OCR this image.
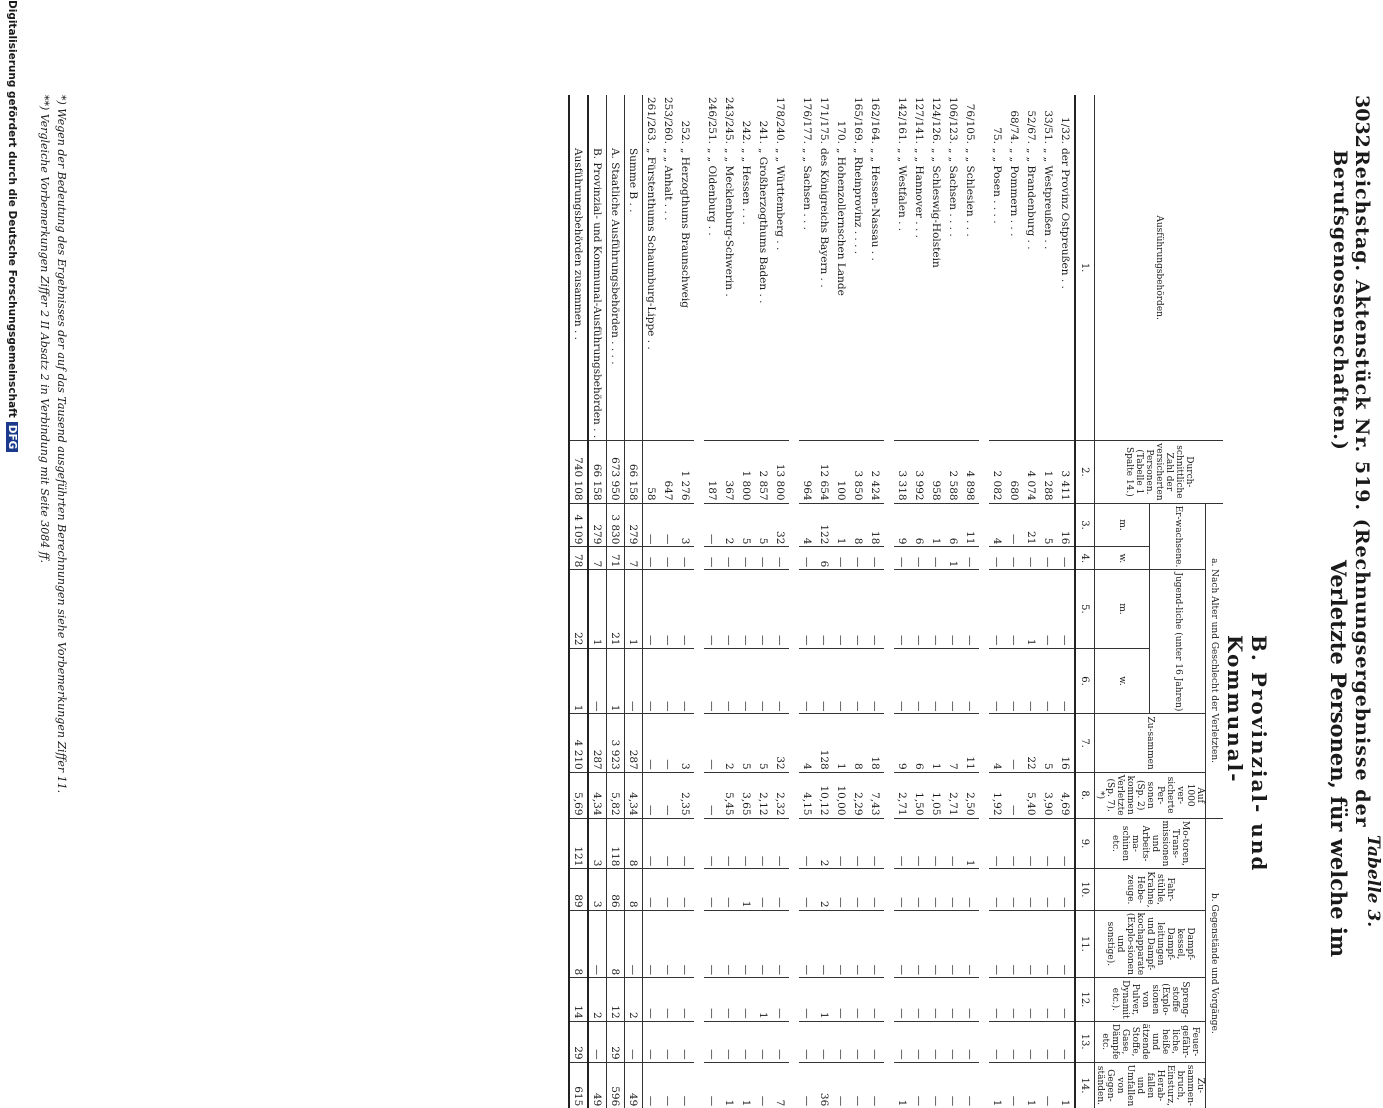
3032
Reichstag. Aktenstück Nr. 519. (Rechnungsergebnisse der Berufsgenossenschaften.)
Tabelle 3.
Verletzte Personen, für welche im
B. Provinzial- und Kommunal-
Ausführungsbehörden.		Durch-schnittliche Zahl der versicherten Personen. (Tabelle 1 Spalte 14.)	a. Nach Alter und Geschlecht der Verletzten.						b. Gegenstände und Vorgänge.					
			Er-wachsene.		Jugend-liche (unter 16 Jahren)		Zu-sammen	Auf 1000 ver-sicherte Per-sonen (Sp. 2) kommen Verletzte (Sp. 7). *)	Mo-toren, Trans-missionen und Arbeits-ma-schinen etc.	Fahr-stühle, Krahne, Hebe-zeuge.	Dampf-kessel, Dampf-leitungen und Dampf-kochapparate (Explo-sionen und sonstige).	Spreng-stoffe (Explo-sionen von Pulver, Dynamit etc.).	Feuer-gefähr-liche, heiße und ätzende Stoffe, Gase, Dämpfe etc.	Zu-sammen-bruch, Einsturz, Herab-fallen und Umfallen von Gegen-ständen.
			m.	w.	m.	w.								
1.		2.	3.	4.	5.	6.	7.	8.	9.	10.	11.	12.	13.	14.
1/32.	der Provinz Ostpreußen . .	3 411	16	—	—	—	16	4,69	—	—	—	—	—	1
33/51.	„ „ Westpreußen . .	1 288	5	—	—	—	5	3,90	—	—	—	—	—	—
52/67.	„ „ Brandenburg . .	4 074	21	—	1	—	22	5,40	—	—	—	—	—	1
68/74.	„ „ Pommern . . .	680	—	—	—	—	—	—	—	—	—	—	—	—
75.	„ „ Posen . . . .	2 082	4	—	—	—	4	1,92	—	—	—	—	—	1

76/105.	„ „ Schlesien . . .	4 898	11	—	—	—	11	2,50	1	—	—	—	—	—
106/123.	„ „ Sachsen . . . .	2 588	6	1	—	—	7	2,71	—	—	—	—	—	—
124/126.	„ „ Schleswig-Holstein	958	1	—	—	—	1	1,05	—	—	—	—	—	—
127/141.	„ „ Hannover . . .	3 992	6	—	—	—	6	1,50	—	—	—	—	—	—
142/161.	„ „ Westfalen . .	3 318	9	—	—	—	9	2,71	—	—	—	—	—	1

162/164.	„ „ Hessen-Nassau . .	2 424	18	—	—	—	18	7,43	—	—	—	—	—	—
165/169.	„ Rheinprovinz . . . .	3 850	8	—	—	—	8	2,29	—	—	—	—	—	—
170.	„ Hohenzollernschen Lande	100	1	—	—	—	1	10,00	—	—	—	—	—	—
171/175.	des Königreichs Bayern . .	12 654	122	6	—	—	128	10,12	2	2	—	1	—	36
176/177.	„ „ Sachsen . . .	964	4	—	—	—	4	4,15	—	—	—	—	—	—

178/240.	„ „ Württemberg . .	13 800	32	—	—	—	32	2,32	—	—	—	—	—	7
241.	„ Großherzogthums Baden . .	2 857	5	—	—	—	5	2,12	—	—	—	1	—	—
242.	„ „ Hessen . . .	1 800	5	—	—	—	5	3,65	—	1	—	—	—	1
243/245.	„ „ Mecklenburg-Schwerin .	367	2	—	—	—	2	5,45	—	—	—	—	—	1
246/251.	„ „ Oldenburg . .	187	—	—	—	—	—	—	—	—	—	—	—	—

252.	„ Herzogthums Braunschweig	1 276	3	—	—	—	3	2,35	—	—	—	—	—	—
253/260.	„ „ Anhalt . . .	647	—	—	—	—	—	—	—	—	—	—	—	—
261/263.	„ Fürstenthums Schaumburg-Lippe . .	58	—	—	—	—	—	—	—	—	—	—	—	—
	Summe B . .	66 158	279	7	1	—	287	4,34	8	8	—	2	—	49
	A. Staatliche Ausführungsbehörden . . . .	673 950	3 830	71	21	1	3 923	5,82	118	86	8	12	29	596
	B. Provinzial- und Kommunal-Ausführungsbehörden . .	66 158	279	7	1	—	287	4,34	3	3	—	2	—	49
	Ausführungsbehörden zusammen . .	740 108	4 109	78	22	1	4 210	5,69	121	89	8	14	29	615
*) Wegen der Bedeutung des Ergebnisses der auf das Tausend ausgeführten Berechnungen siehe Vorbemerkungen Ziffer 11.
**) Vergleiche Vorbemerkungen Ziffer 2 II Absatz 2 in Verbindung mit Seite 3084 ff.
Digitalisierung gefördert durch die Deutsche ForschungsgemeinschaftDFG
